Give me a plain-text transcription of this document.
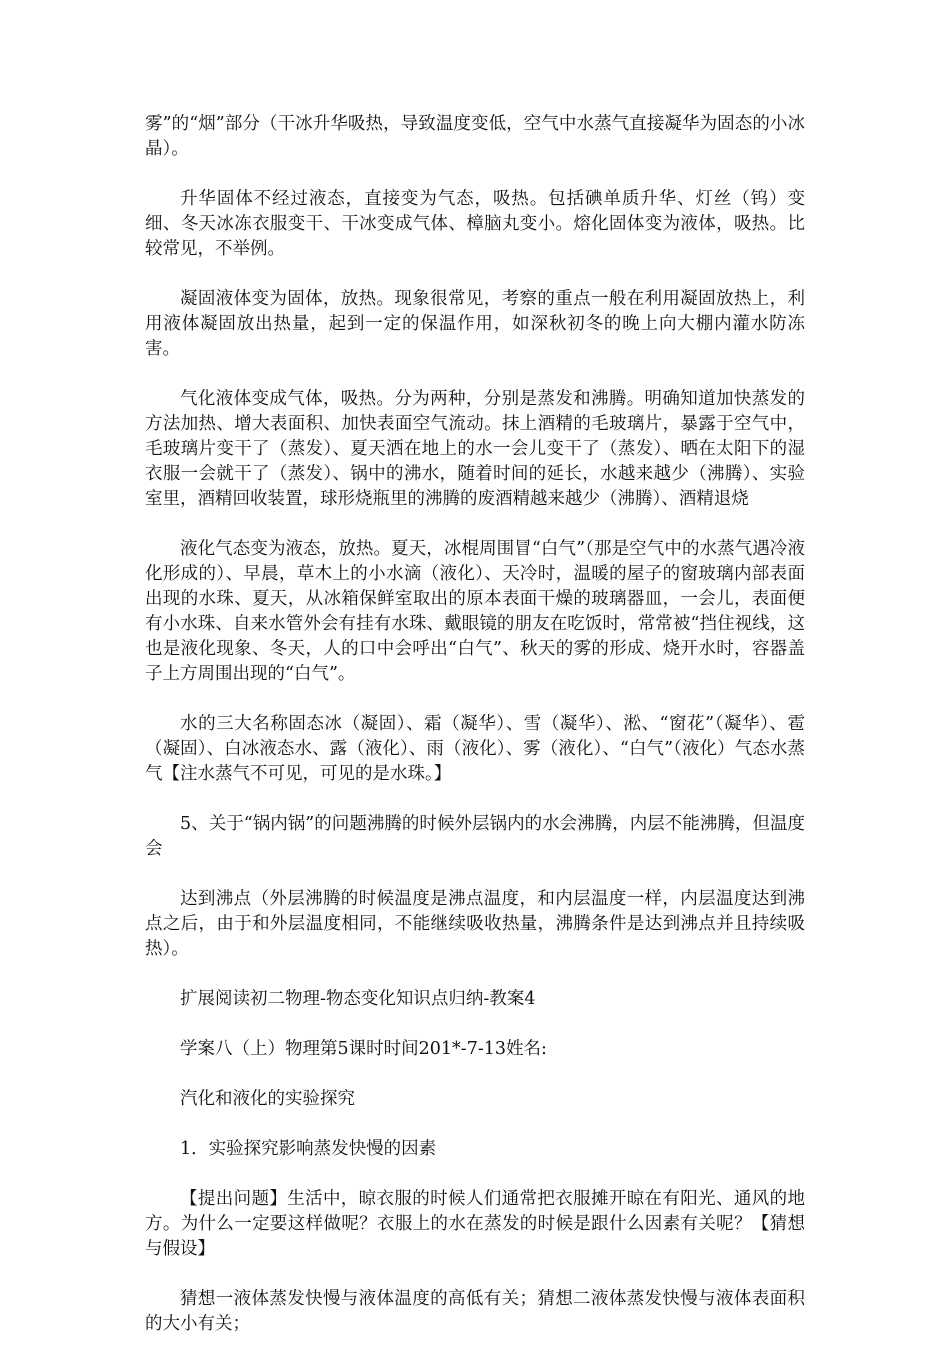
雾”的“烟”部分（干冰升华吸热，导致温度变低，空气中水蒸气直接凝华为固态的小冰晶）。

升华固体不经过液态，直接变为气态，吸热。包括碘单质升华、灯丝（钨）变细、冬天冰冻衣服变干、干冰变成气体、樟脑丸变小。熔化固体变为液体，吸热。比较常见，不举例。

凝固液体变为固体，放热。现象很常见，考察的重点一般在利用凝固放热上，利用液体凝固放出热量，起到一定的保温作用，如深秋初冬的晚上向大棚内灌水防冻害。

气化液体变成气体，吸热。分为两种，分别是蒸发和沸腾。明确知道加快蒸发的方法加热、增大表面积、加快表面空气流动。抹上酒精的毛玻璃片，暴露于空气中，毛玻璃片变干了（蒸发）、夏天洒在地上的水一会儿变干了（蒸发）、晒在太阳下的湿衣服一会就干了（蒸发）、锅中的沸水，随着时间的延长，水越来越少（沸腾）、实验室里，酒精回收装置，球形烧瓶里的沸腾的废酒精越来越少（沸腾）、酒精退烧

液化气态变为液态，放热。夏天，冰棍周围冒“白气”（那是空气中的水蒸气遇冷液化形成的）、早晨，草木上的小水滴（液化）、天冷时，温暖的屋子的窗玻璃内部表面出现的水珠、夏天，从冰箱保鲜室取出的原本表面干燥的玻璃器皿，一会儿，表面便有小水珠、自来水管外会有挂有水珠、戴眼镜的朋友在吃饭时，常常被“挡住视线，这也是液化现象、冬天，人的口中会呼出“白气”、秋天的雾的形成、烧开水时，容器盖子上方周围出现的“白气”。

水的三大名称固态冰（凝固）、霜（凝华）、雪（凝华）、淞、“窗花”（凝华）、雹（凝固）、白冰液态水、露（液化）、雨（液化）、雾（液化）、“白气”（液化）气态水蒸气【注水蒸气不可见，可见的是水珠。】

5、关于“锅内锅”的问题沸腾的时候外层锅内的水会沸腾，内层不能沸腾，但温度会

达到沸点（外层沸腾的时候温度是沸点温度，和内层温度一样，内层温度达到沸点之后，由于和外层温度相同，不能继续吸收热量，沸腾条件是达到沸点并且持续吸热）。

扩展阅读初二物理-物态变化知识点归纳-教案4

学案八（上）物理第5课时时间201*-7-13姓名:

汽化和液化的实验探究

1．实验探究影响蒸发快慢的因素

【提出问题】生活中，晾衣服的时候人们通常把衣服摊开晾在有阳光、通风的地方。为什么一定要这样做呢？衣服上的水在蒸发的时候是跟什么因素有关呢？【猜想与假设】

猜想一液体蒸发快慢与液体温度的高低有关；猜想二液体蒸发快慢与液体表面积的大小有关；
